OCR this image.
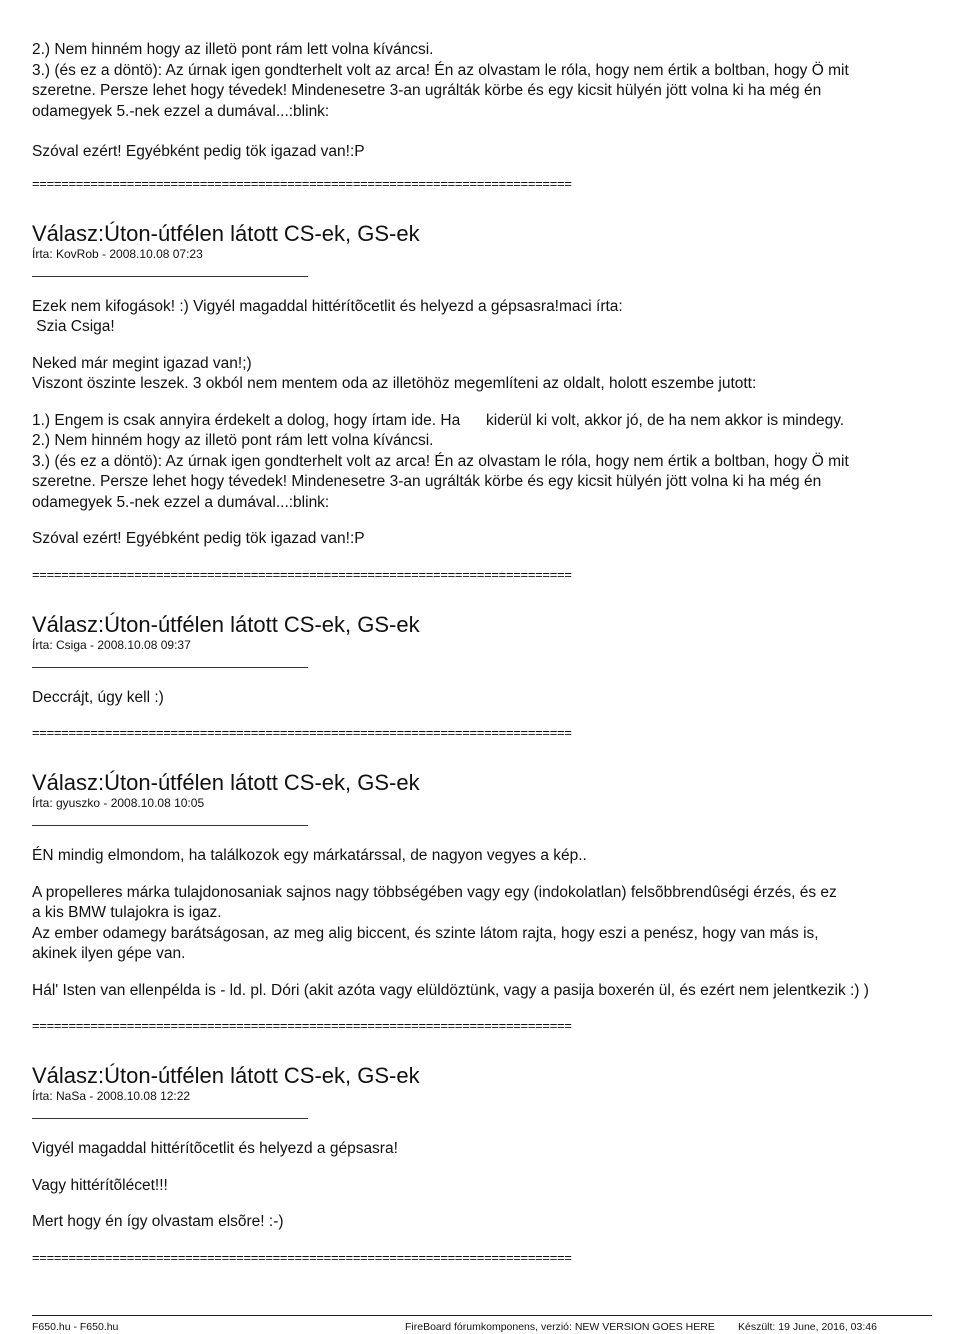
2.) Nem hinném hogy az illetö pont rám lett volna kíváncsi.

3.) (és ez a döntö): Az úrnak igen gondterhelt volt az arca! Én az olvastam le róla, hogy nem értik a boltban, hogy Ö mit

szeretne. Persze lehet hogy tévedek! Mindenesetre 3-an ugrálták körbe és egy kicsit hülyén jött volna ki ha még én

odamegyek 5.-nek ezzel a dumával...:blink:

Szóval ezért! Egyébként pedig tök igazad van!:P

==========================================================================

Válasz:Úton-útfélen látott CS-ek, GS-ek

Írta: KovRob - 2008.10.08 07:23

Ezek nem kifogások! :) Vigyél magaddal hittérítõcetlit és helyezd a gépsasra!maci írta:

Szia Csiga!

Neked már megint igazad van!;)

Viszont öszinte leszek. 3 okból nem mentem oda az illetöhöz megemlíteni az oldalt, holott eszembe jutott:

1.) Engem is csak annyira érdekelt a dolog, hogy írtam ide. Ha      kiderül ki volt, akkor jó, de ha nem akkor is mindegy.

2.) Nem hinném hogy az illetö pont rám lett volna kíváncsi.

3.) (és ez a döntö): Az úrnak igen gondterhelt volt az arca! Én az olvastam le róla, hogy nem értik a boltban, hogy Ö mit

szeretne. Persze lehet hogy tévedek! Mindenesetre 3-an ugrálták körbe és egy kicsit hülyén jött volna ki ha még én

odamegyek 5.-nek ezzel a dumával...:blink:

Szóval ezért! Egyébként pedig tök igazad van!:P

==========================================================================

Válasz:Úton-útfélen látott CS-ek, GS-ek

Írta: Csiga - 2008.10.08 09:37

Deccrájt, úgy kell :)

==========================================================================

Válasz:Úton-útfélen látott CS-ek, GS-ek

Írta: gyuszko - 2008.10.08 10:05

ÉN mindig elmondom, ha találkozok egy márkatárssal, de nagyon vegyes a kép..

A propelleres márka tulajdonosaniak sajnos nagy többségében vagy egy (indokolatlan) felsõbbrendûségi érzés, és ez

a kis BMW tulajokra is igaz.

Az ember odamegy barátságosan, az meg alig biccent, és szinte látom rajta, hogy eszi a penész, hogy van más is,

akinek ilyen gépe van.

Hál' Isten van ellenpélda is - ld. pl. Dóri (akit azóta vagy elüldöztünk, vagy a pasija boxerén ül, és ezért nem jelentkezik :) )

==========================================================================

Válasz:Úton-útfélen látott CS-ek, GS-ek

Írta: NaSa - 2008.10.08 12:22

Vigyél magaddal hittérítõcetlit és helyezd a gépsasra!

Vagy hittérítõlécet!!!

Mert hogy én így olvastam elsõre! :-)

==========================================================================

F650.hu - F650.hu	FireBoard fórumkomponens, verzió: NEW VERSION GOES HERE Készült: 19 June, 2016, 03:46
